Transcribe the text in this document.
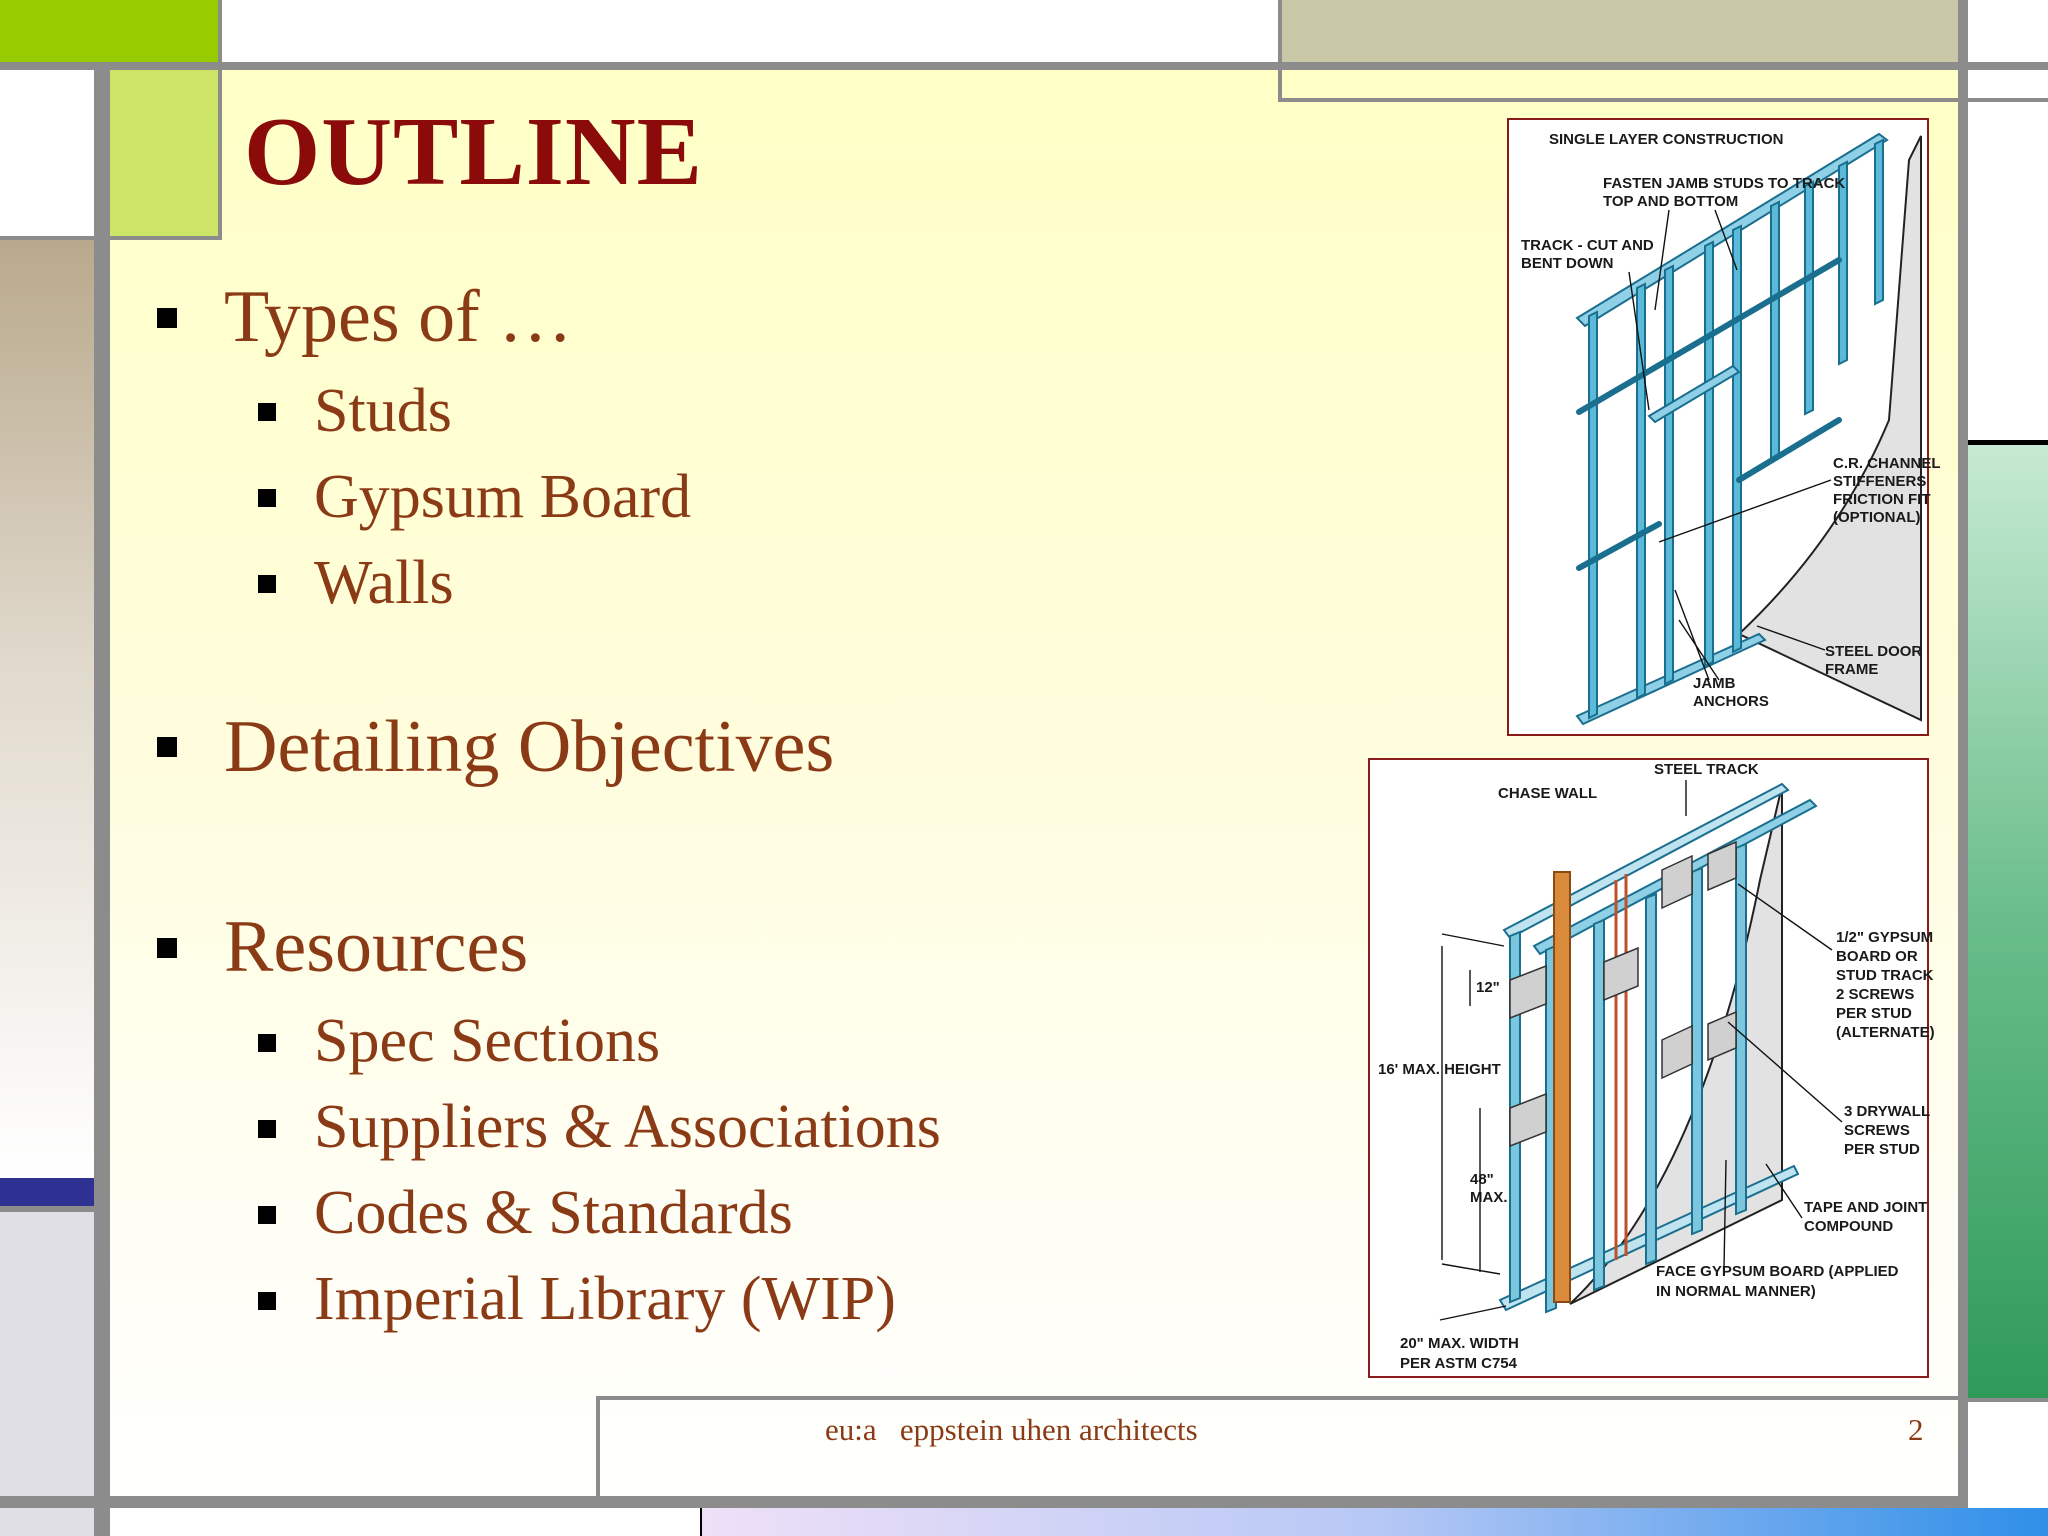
OUTLINE
Types of …
Studs
Gypsum Board
Walls
Detailing Objectives
Resources
Spec Sections
Suppliers & Associations
Codes & Standards
Imperial Library (WIP)
eu:a   eppstein uhen architects	2
SINGLE LAYER CONSTRUCTION
FASTEN JAMB STUDS TO TRACK
TOP AND BOTTOM
TRACK - CUT AND
BENT DOWN
C.R. CHANNEL
STIFFENERS
FRICTION FIT
(OPTIONAL)
STEEL DOOR
FRAME
JAMB
ANCHORS
CHASE WALL
STEEL TRACK
1/2" GYPSUM
BOARD OR
STUD TRACK
2 SCREWS
PER STUD
(ALTERNATE)
12"
16' MAX. HEIGHT
48"
MAX.
3 DRYWALL
SCREWS
PER STUD
TAPE AND JOINT
COMPOUND
FACE GYPSUM BOARD (APPLIED
IN NORMAL MANNER)
20" MAX. WIDTH
PER ASTM C754
